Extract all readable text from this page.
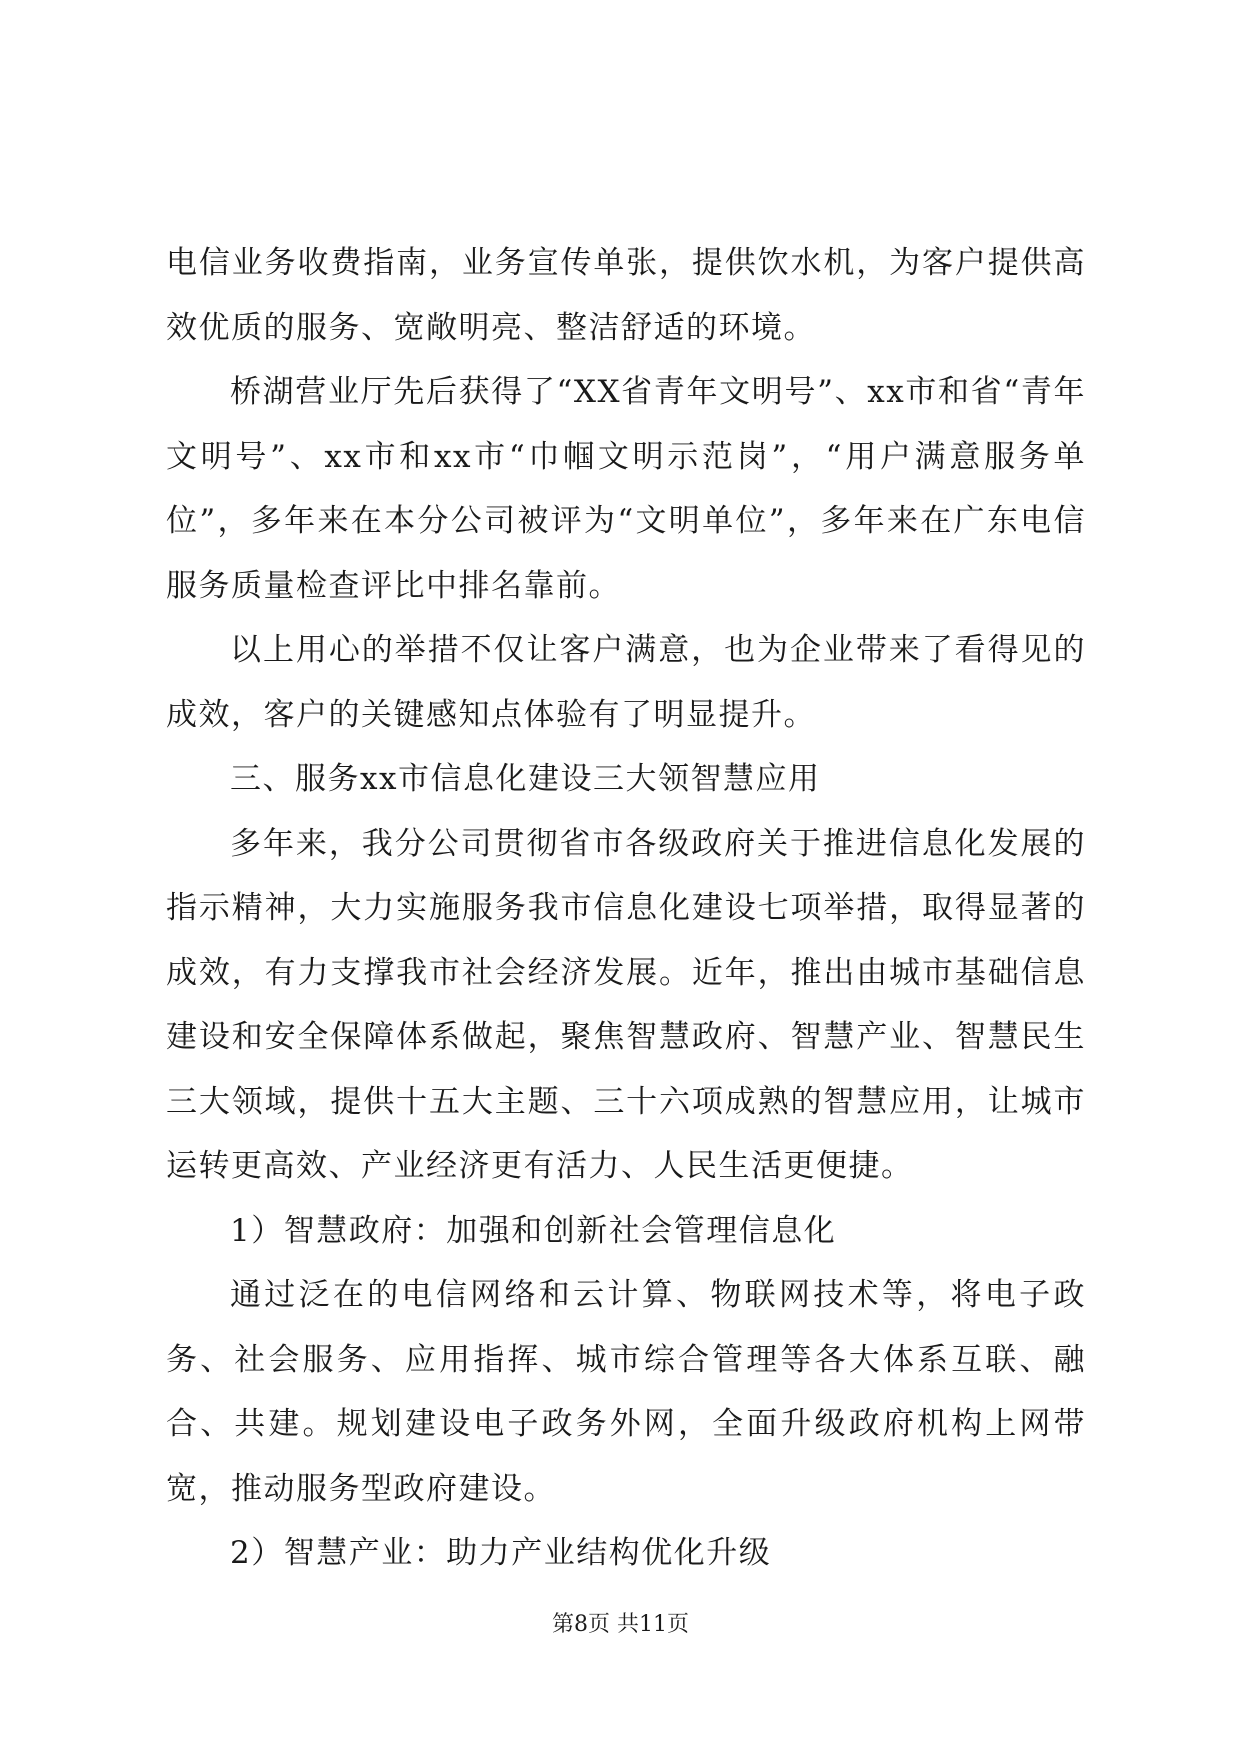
电信业务收费指南，业务宣传单张，提供饮水机，为客户提供高效优质的服务、宽敞明亮、整洁舒适的环境。

桥湖营业厅先后获得了“XX省青年文明号”、xx市和省“青年文明号”、xx市和xx市“巾帼文明示范岗”，“用户满意服务单位”，多年来在本分公司被评为“文明单位”，多年来在广东电信服务质量检查评比中排名靠前。

以上用心的举措不仅让客户满意，也为企业带来了看得见的成效，客户的关键感知点体验有了明显提升。

三、服务xx市信息化建设三大领智慧应用

多年来，我分公司贯彻省市各级政府关于推进信息化发展的指示精神，大力实施服务我市信息化建设七项举措，取得显著的成效，有力支撑我市社会经济发展。近年，推出由城市基础信息建设和安全保障体系做起，聚焦智慧政府、智慧产业、智慧民生三大领域，提供十五大主题、三十六项成熟的智慧应用，让城市运转更高效、产业经济更有活力、人民生活更便捷。

1）智慧政府：加强和创新社会管理信息化

通过泛在的电信网络和云计算、物联网技术等，将电子政务、社会服务、应用指挥、城市综合管理等各大体系互联、融合、共建。规划建设电子政务外网，全面升级政府机构上网带宽，推动服务型政府建设。

2）智慧产业：助力产业结构优化升级

第8页 共11页
